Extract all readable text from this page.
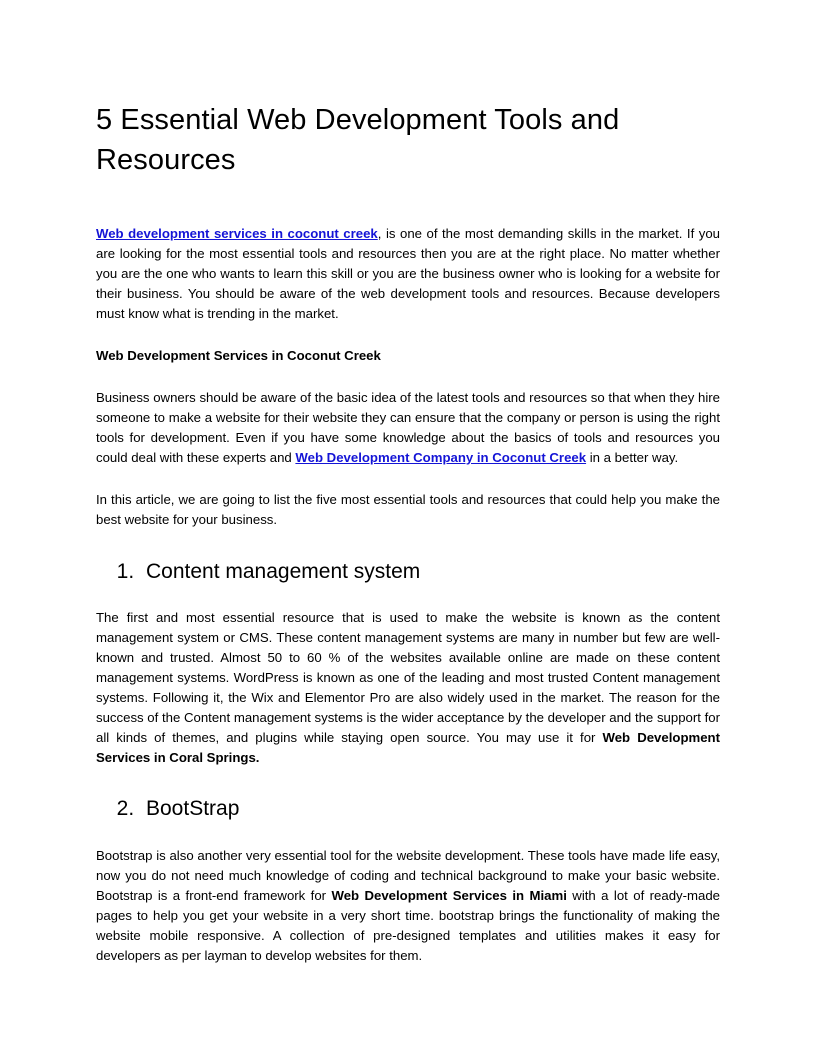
5 Essential Web Development Tools and Resources

Web development services in coconut creek, is one of the most demanding skills in the market. If you are looking for the most essential tools and resources then you are at the right place. No matter whether you are the one who wants to learn this skill or you are the business owner who is looking for a website for their business. You should be aware of the web development tools and resources. Because developers must know what is trending in the market.

Web Development Services in Coconut Creek

Business owners should be aware of the basic idea of the latest tools and resources so that when they hire someone to make a website for their website they can ensure that the company or person is using the right tools for development. Even if you have some knowledge about the basics of tools and resources you could deal with these experts and Web Development Company in Coconut Creek in a better way.

In this article, we are going to list the five most essential tools and resources that could help you make the best website for your business.

1. Content management system

The first and most essential resource that is used to make the website is known as the content management system or CMS. These content management systems are many in number but few are well-known and trusted. Almost 50 to 60 % of the websites available online are made on these content management systems. WordPress is known as one of the leading and most trusted Content management systems. Following it, the Wix and Elementor Pro are also widely used in the market. The reason for the success of the Content management systems is the wider acceptance by the developer and the support for all kinds of themes, and plugins while staying open source. You may use it for Web Development Services in Coral Springs.

2. BootStrap

Bootstrap is also another very essential tool for the website development. These tools have made life easy, now you do not need much knowledge of coding and technical background to make your basic website. Bootstrap is a front-end framework for Web Development Services in Miami with a lot of ready-made pages to help you get your website in a very short time. bootstrap brings the functionality of making the website mobile responsive. A collection of pre-designed templates and utilities makes it easy for developers as per layman to develop websites for them.
